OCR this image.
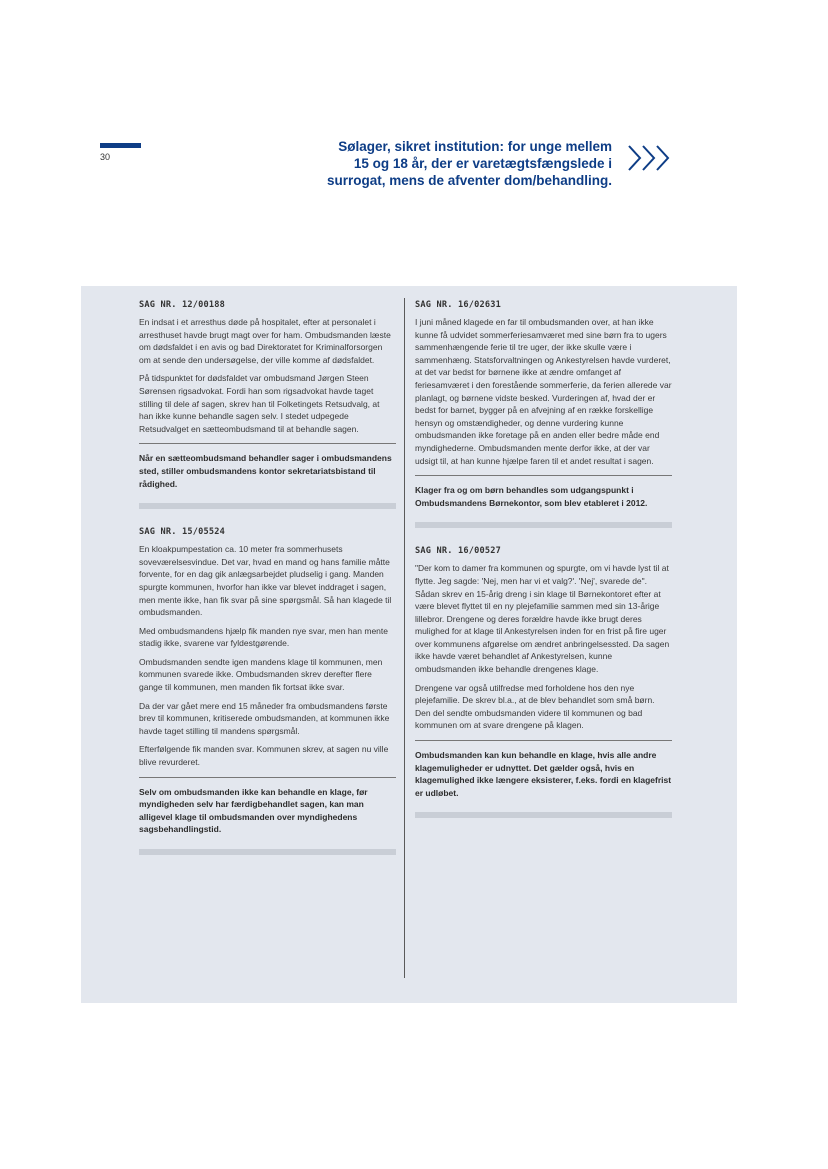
30
Sølager, sikret institution: for unge mellem
15 og 18 år, der er varetægtsfængslede i
surrogat, mens de afventer dom/behandling.
SAG NR. 12/00188

En indsat i et arresthus døde på hospitalet, efter at personalet i arresthuset havde brugt magt over for ham. Ombudsmanden læste om dødsfaldet i en avis og bad Direktoratet for Kriminalforsorgen om at sende den undersøgelse, der ville komme af dødsfaldet.

På tidspunktet for dødsfaldet var ombudsmand Jørgen Steen Sørensen rigsadvokat. Fordi han som rigsadvokat havde taget stilling til dele af sagen, skrev han til Folketingets Retsudvalg, at han ikke kunne behandle sagen selv. I stedet udpegede Retsudvalget en sætteombudsmand til at behandle sagen.

Når en sætteombudsmand behandler sager i ombudsmandens sted, stiller ombudsmandens kontor sekretariatsbistand til rådighed.

SAG NR. 15/05524

En kloakpumpestation ca. 10 meter fra sommerhusets soveværelsesvindue. Det var, hvad en mand og hans familie måtte forvente, for en dag gik anlægsarbejdet pludselig i gang. Manden spurgte kommunen, hvorfor han ikke var blevet inddraget i sagen, men mente ikke, han fik svar på sine spørgsmål. Så han klagede til ombudsmanden.

Med ombudsmandens hjælp fik manden nye svar, men han mente stadig ikke, svarene var fyldestgørende.

Ombudsmanden sendte igen mandens klage til kommunen, men kommunen svarede ikke. Ombudsmanden skrev derefter flere gange til kommunen, men manden fik fortsat ikke svar.

Da der var gået mere end 15 måneder fra ombudsmandens første brev til kommunen, kritiserede ombudsmanden, at kommunen ikke havde taget stilling til mandens spørgsmål.

Efterfølgende fik manden svar. Kommunen skrev, at sagen nu ville blive revurderet.

Selv om ombudsmanden ikke kan behandle en klage, før myndigheden selv har færdigbehandlet sagen, kan man alligevel klage til ombudsmanden over myndighedens sagsbehandlingstid.

SAG NR. 16/02631

I juni måned klagede en far til ombudsmanden over, at han ikke kunne få udvidet sommerferiesamværet med sine børn fra to ugers sammenhængende ferie til tre uger, der ikke skulle være i sammenhæng. Statsforvaltningen og Ankestyrelsen havde vurderet, at det var bedst for børnene ikke at ændre omfanget af feriesamværet i den forestående sommerferie, da ferien allerede var planlagt, og børnene vidste besked. Vurderingen af, hvad der er bedst for barnet, bygger på en afvejning af en række forskellige hensyn og omstændigheder, og denne vurdering kunne ombudsmanden ikke foretage på en anden eller bedre måde end myndighederne. Ombudsmanden mente derfor ikke, at der var udsigt til, at han kunne hjælpe faren til et andet resultat i sagen.

Klager fra og om børn behandles som udgangspunkt i Ombudsmandens Børnekontor, som blev etableret i 2012.

SAG NR. 16/00527

"Der kom to damer fra kommunen og spurgte, om vi havde lyst til at flytte. Jeg sagde: 'Nej, men har vi et valg?'. 'Nej', svarede de". Sådan skrev en 15-årig dreng i sin klage til Børnekontoret efter at være blevet flyttet til en ny plejefamilie sammen med sin 13-årige lillebror. Drengene og deres forældre havde ikke brugt deres mulighed for at klage til Ankestyrelsen inden for en frist på fire uger over kommunens afgørelse om ændret anbringelsessted. Da sagen ikke havde været behandlet af Ankestyrelsen, kunne ombudsmanden ikke behandle drengenes klage.

Drengene var også utilfredse med forholdene hos den nye plejefamilie. De skrev bl.a., at de blev behandlet som små børn. Den del sendte ombudsmanden videre til kommunen og bad kommunen om at svare drengene på klagen.

Ombudsmanden kan kun behandle en klage, hvis alle andre klagemuligheder er udnyttet. Det gælder også, hvis en klagemulighed ikke længere eksisterer, f.eks. fordi en klagefrist er udløbet.
